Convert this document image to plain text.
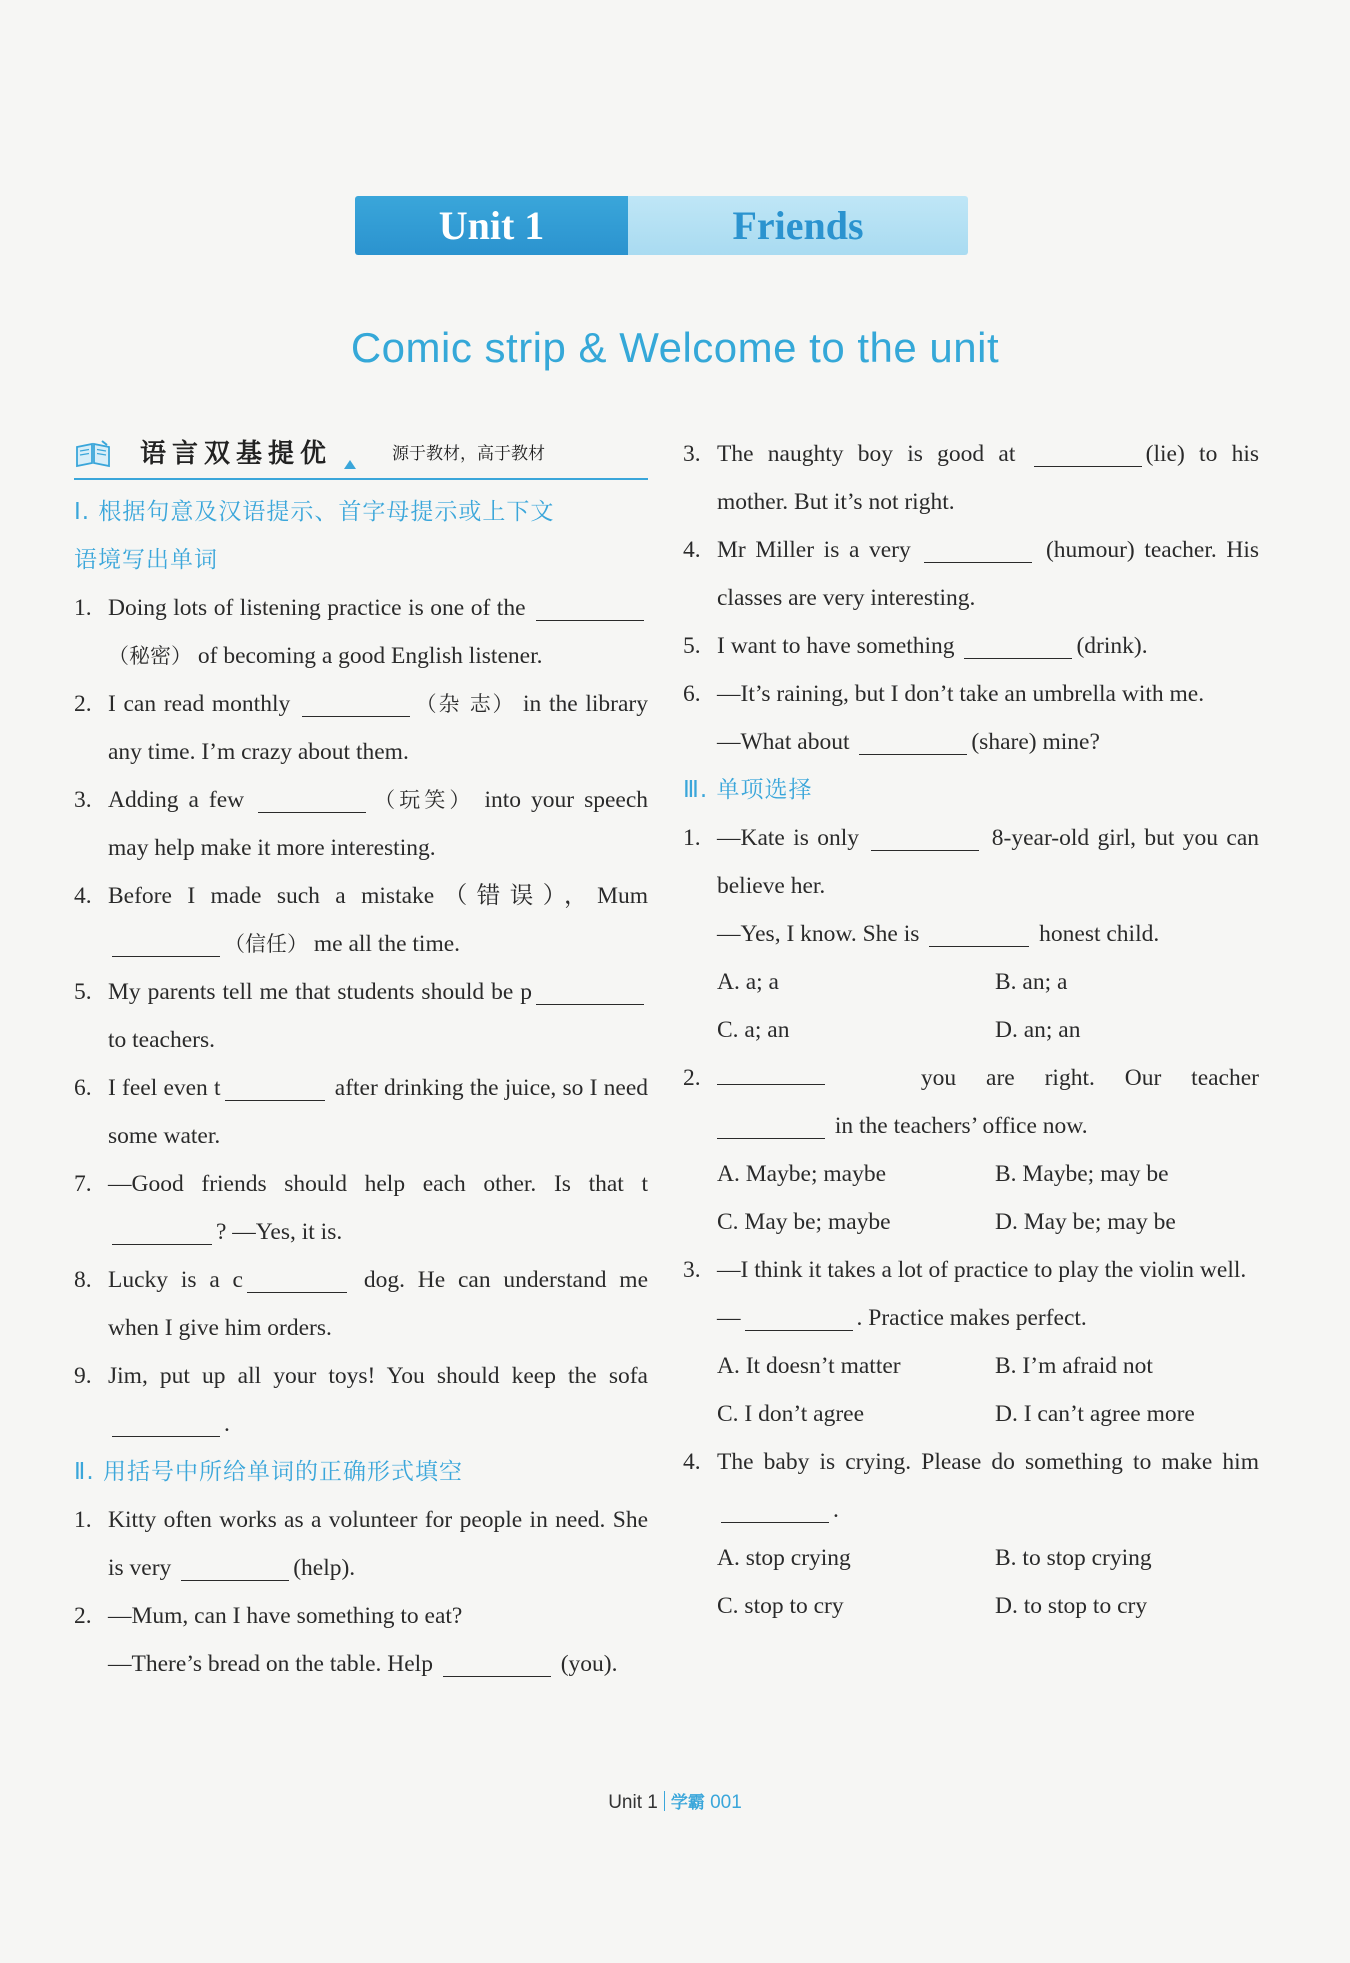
Unit 1	Friends
Comic strip & Welcome to the unit
语言双基提优	源于教材，高于教材
Ⅰ. 根据句意及汉语提示、首字母提示或上下文
语境写出单词
1. Doing lots of listening practice is one of the （秘密） of becoming a good English listener.
2. I can read monthly	（杂 志） in the library any time. I’m crazy about them.
3. Adding a few	（玩笑） into your speech may help make it more interesting.
4. Before I made such a mistake（错误），Mum （信任） me all the time.
5. My parents tell me that students should be p to teachers.
6. I feel even t	after drinking the juice, so I need some water.
7. —Good friends should help each other. Is that t? —Yes, it is.
8. Lucky is a c	dog. He can understand me when I give him orders.
9. Jim, put up all your toys! You should keep the sofa .
Ⅱ. 用括号中所给单词的正确形式填空
1. Kitty often works as a volunteer for people in need. She is very	(help).
2. —Mum, can I have something to eat?
—There’s bread on the table. Help	(you).
3. The naughty boy is good at	(lie) to his mother. But it’s not right.
4. Mr Miller is a very	(humour) teacher. His classes are very interesting.
5. I want to have something	(drink).
6. —It’s raining, but I don’t take an umbrella with me.
—What about	(share) mine?
Ⅲ. 单项选择
1. —Kate is only	8-year-old girl, but you can believe her.
—Yes, I know. She is	honest child.
A. a; a	B. an; a
C. a; an	D. an; an
2.	you are right. Our teacher
in the teachers’ office now.
A. Maybe; maybe	B. Maybe; may be
C. May be; maybe	D. May be; may be
3. —I think it takes a lot of practice to play the violin well.
—	. Practice makes perfect.
A. It doesn’t matter	B. I’m afraid not
C. I don’t agree	D. I can’t agree more
4. The baby is crying. Please do something to make him .
A. stop crying	B. to stop crying
C. stop to cry	D. to stop to cry
Unit 1 学霸 001
